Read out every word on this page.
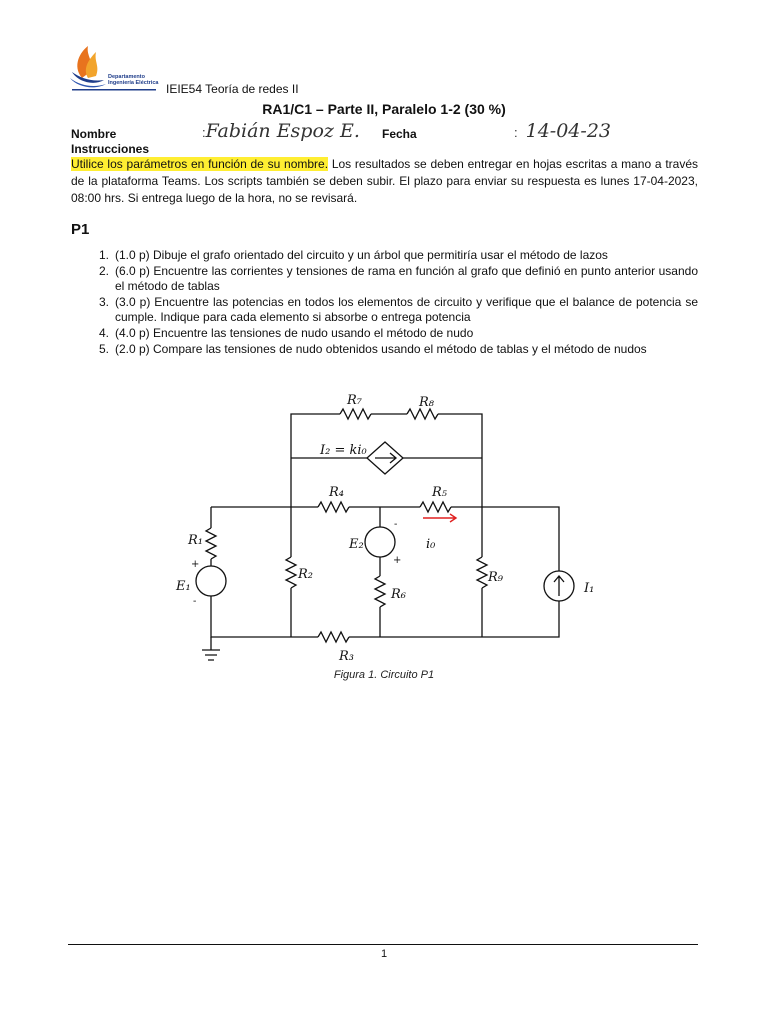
Departamento
Ingeniería Eléctrica IEIE54 Teoría de redes II
RA1/C1 – Parte II, Paralelo 1-2 (30 %)
Nombre
Instrucciones
:Fabián Espoz E. Fecha	: 14-04-23
Utilice los parámetros en función de su nombre. Los resultados se deben entregar en hojas escritas a mano a través de la plataforma Teams. Los scripts también se deben subir. El plazo para enviar su respuesta es lunes 17-04-2023, 08:00 hrs. Si entrega luego de la hora, no se revisará.
P1
1. (1.0 p) Dibuje el grafo orientado del circuito y un árbol que permitiría usar el método de lazos
2. (6.0 p) Encuentre las corrientes y tensiones de rama en función al grafo que definió en punto anterior usando el método de tablas
3. (3.0 p) Encuentre las potencias en todos los elementos de circuito y verifique que el balance de potencia se cumple. Indique para cada elemento si absorbe o entrega potencia
4. (4.0 p) Encuentre las tensiones de nudo usando el método de nudo
5. (2.0 p) Compare las tensiones de nudo obtenidos usando el método de tablas y el método de nudos
R₇	R₈
I₂ = ki₀
R₄	R₅
R₁
E₁
R₂
E₂	i₀
R₆
R₉
I₁
R₃
+
-
-
+
Figura 1. Circuito P1
1
